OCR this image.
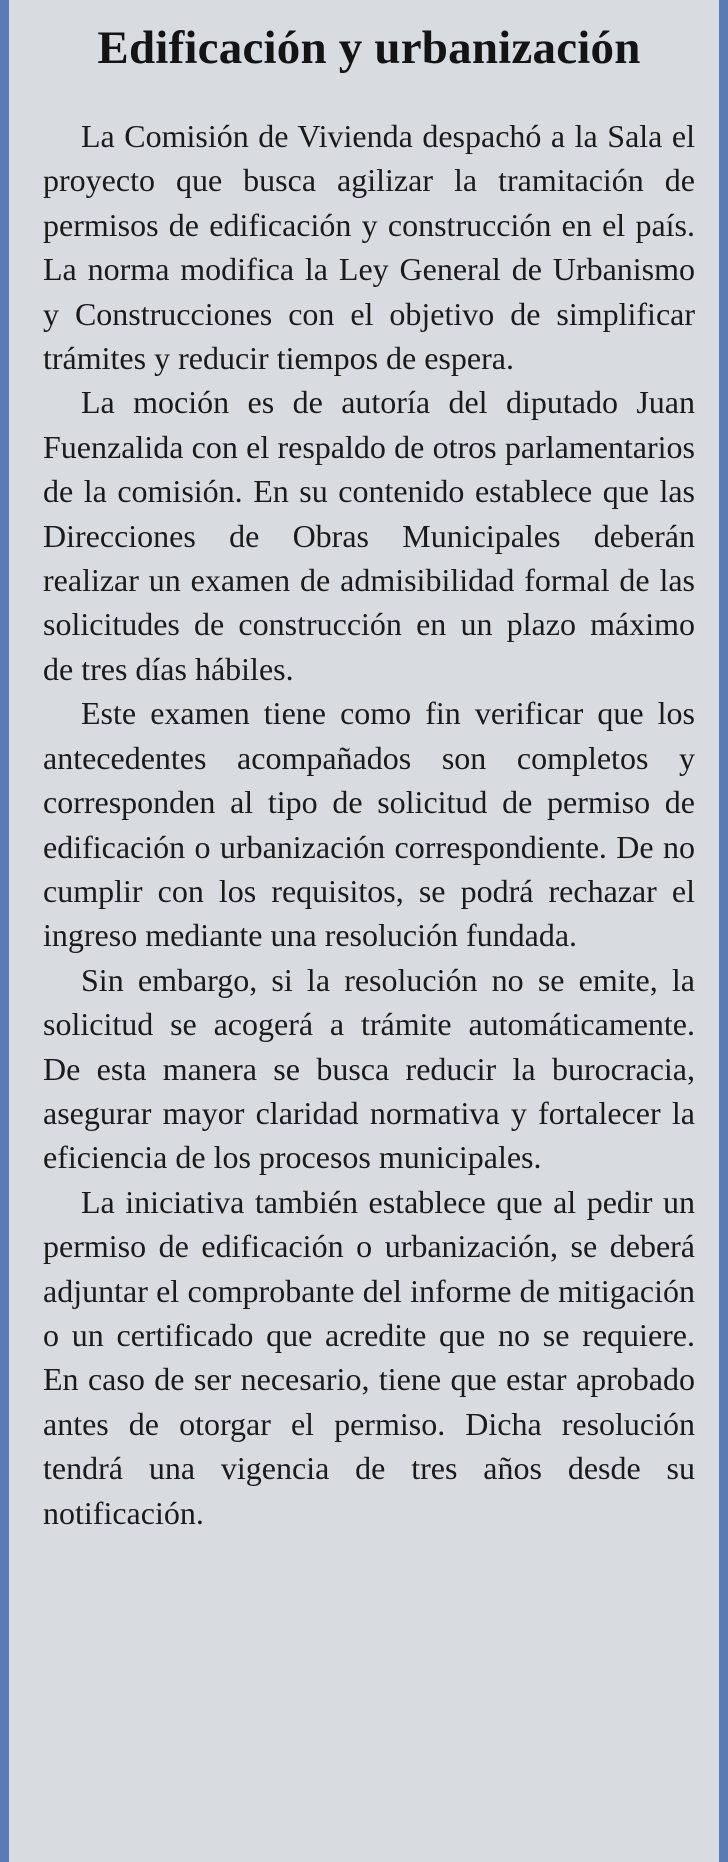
Edificación y urbanización

La Comisión de Vivienda despachó a la Sala el proyecto que busca agilizar la tramitación de permisos de edificación y construcción en el país. La norma modifica la Ley General de Urbanismo y Construcciones con el objetivo de simplificar trámites y reducir tiempos de espera.

La moción es de autoría del diputado Juan Fuenzalida con el respaldo de otros parlamentarios de la comisión. En su contenido establece que las Direcciones de Obras Municipales deberán realizar un examen de admisibilidad formal de las solicitudes de construcción en un plazo máximo de tres días hábiles.

Este examen tiene como fin verificar que los antecedentes acompañados son completos y corresponden al tipo de solicitud de permiso de edificación o urbanización correspondiente. De no cumplir con los requisitos, se podrá rechazar el ingreso mediante una resolución fundada.

Sin embargo, si la resolución no se emite, la solicitud se acogerá a trámite automáticamente. De esta manera se busca reducir la burocracia, asegurar mayor claridad normativa y fortalecer la eficiencia de los procesos municipales.

La iniciativa también establece que al pedir un permiso de edificación o urbanización, se deberá adjuntar el comprobante del informe de mitigación o un certificado que acredite que no se requiere. En caso de ser necesario, tiene que estar aprobado antes de otorgar el permiso. Dicha resolución tendrá una vigencia de tres años desde su notificación.
